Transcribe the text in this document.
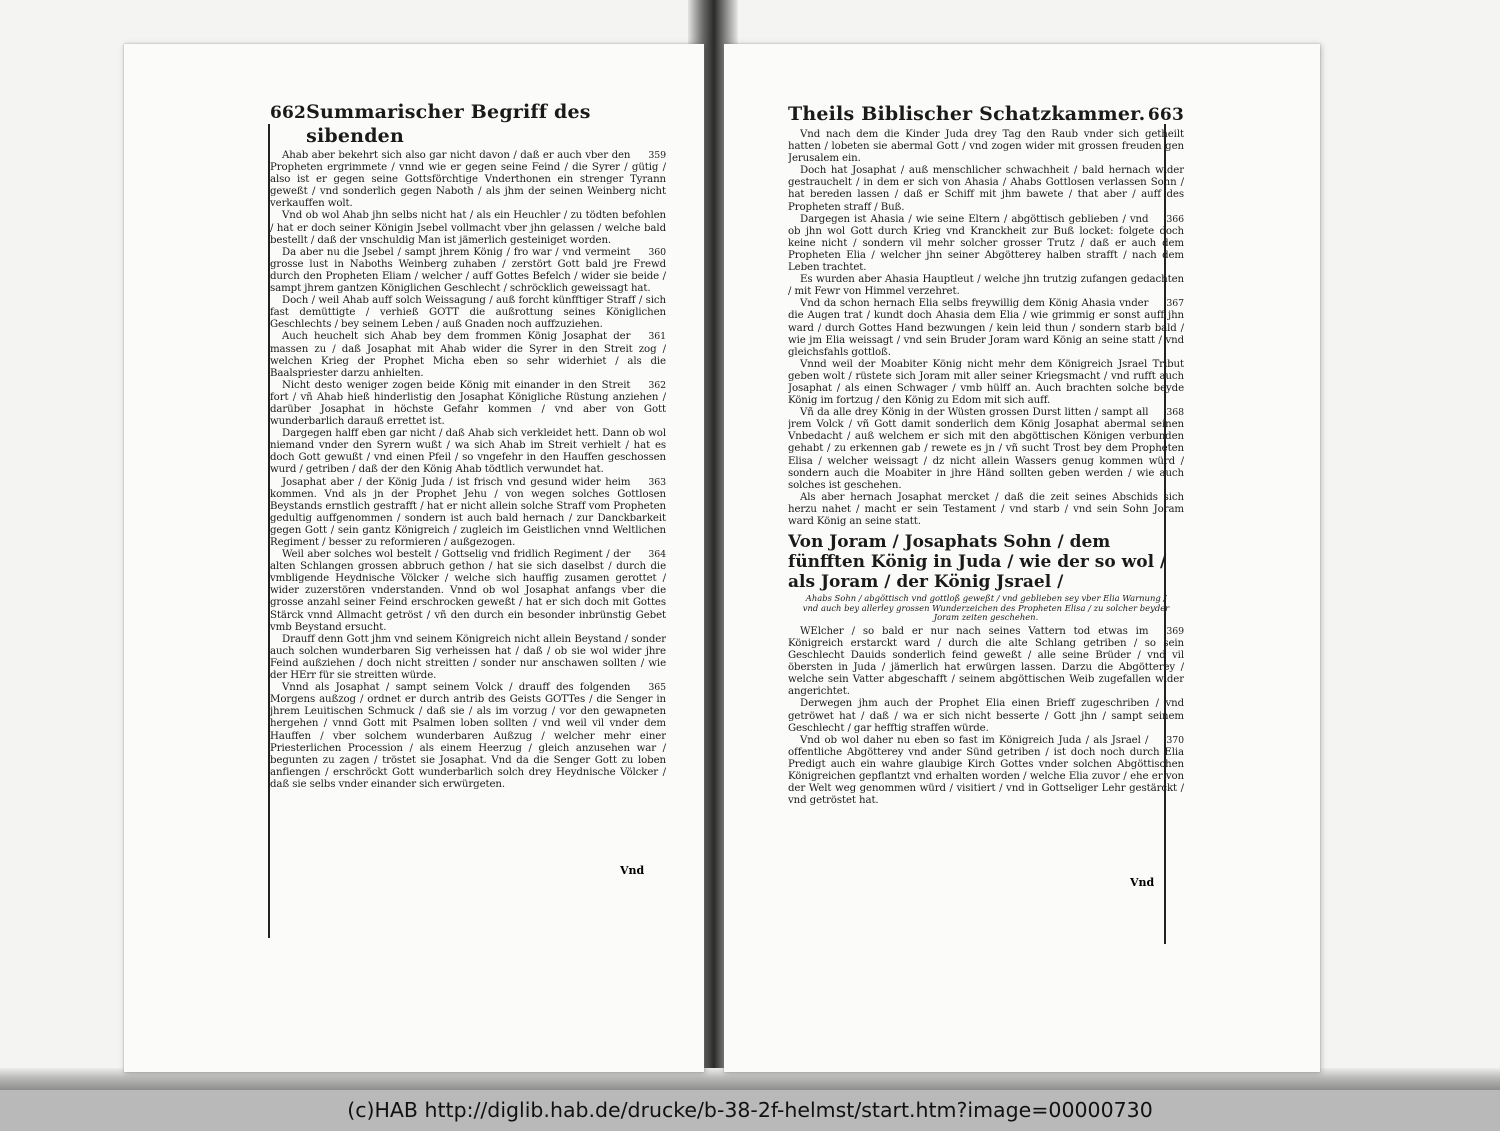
662 Summarischer Begriff des sibenden

359
Ahab aber bekehrt sich also gar nicht davon / daß er auch vber den Propheten ergrimmete / vnnd wie er gegen seine Feind / die Syrer / gütig / also ist er gegen seine Gottsförchtige Vnderthonen ein strenger Tyrann geweßt / vnd sonderlich gegen Naboth / als jhm der seinen Weinberg nicht verkauffen wolt.

Vnd ob wol Ahab jhn selbs nicht hat / als ein Heuchler / zu tödten befohlen / hat er doch seiner Königin Jsebel vollmacht vber jhn gelassen / welche bald bestellt / daß der vnschuldig Man ist jämerlich gesteiniget worden.

360
Da aber nu die Jsebel / sampt jhrem König / fro war / vnd vermeint grosse lust in Naboths Weinberg zuhaben / zerstört Gott bald jre Frewd durch den Propheten Eliam / welcher / auff Gottes Befelch / wider sie beide / sampt jhrem gantzen Königlichen Geschlecht / schröcklich geweissagt hat.

Doch / weil Ahab auff solch Weissagung / auß forcht künfftiger Straff / sich fast demüttigte / verhieß GOTT die außrottung seines Königlichen Geschlechts / bey seinem Leben / auß Gnaden noch auffzuziehen.

361
Auch heuchelt sich Ahab bey dem frommen König Josaphat der massen zu / daß Josaphat mit Ahab wider die Syrer in den Streit zog / welchen Krieg der Prophet Micha eben so sehr widerhiet / als die Baalspriester darzu anhielten.

362
Nicht desto weniger zogen beide König mit einander in den Streit fort / vñ Ahab hieß hinderlistig den Josaphat Königliche Rüstung anziehen / darüber Josaphat in höchste Gefahr kommen / vnd aber von Gott wunderbarlich darauß errettet ist.

Dargegen halff eben gar nicht / daß Ahab sich verkleidet hett. Dann ob wol niemand vnder den Syrern wußt / wa sich Ahab im Streit verhielt / hat es doch Gott gewußt / vnd einen Pfeil / so vngefehr in den Hauffen geschossen wurd / getriben / daß der den König Ahab tödtlich verwundet hat.

363
Josaphat aber / der König Juda / ist frisch vnd gesund wider heim kommen. Vnd als jn der Prophet Jehu / von wegen solches Gottlosen Beystands ernstlich gestrafft / hat er nicht allein solche Straff vom Propheten gedultig auffgenommen / sondern ist auch bald hernach / zur Danckbarkeit gegen Gott / sein gantz Königreich / zugleich im Geistlichen vnnd Weltlichen Regiment / besser zu reformieren / außgezogen.

364
Weil aber solches wol bestelt / Gottselig vnd fridlich Regiment / der alten Schlangen grossen abbruch gethon / hat sie sich daselbst / durch die vmbligende Heydnische Völcker / welche sich hauffig zusamen gerottet / wider zuzerstören vnderstanden. Vnnd ob wol Josaphat anfangs vber die grosse anzahl seiner Feind erschrocken geweßt / hat er sich doch mit Gottes Stärck vnnd Allmacht getröst / vñ den durch ein besonder inbrünstig Gebet vmb Beystand ersucht.

Drauff denn Gott jhm vnd seinem Königreich nicht allein Beystand / sonder auch solchen wunderbaren Sig verheissen hat / daß / ob sie wol wider jhre Feind außziehen / doch nicht streitten / sonder nur anschawen sollten / wie der HErr für sie streitten würde.

365
Vnnd als Josaphat / sampt seinem Volck / drauff des folgenden Morgens außzog / ordnet er durch antrib des Geists GOTTes / die Senger in jhrem Leuitischen Schmuck / daß sie / als im vorzug / vor den gewapneten hergehen / vnnd Gott mit Psalmen loben sollten / vnd weil vil vnder dem Hauffen / vber solchem wunderbaren Außzug / welcher mehr einer Priesterlichen Procession / als einem Heerzug / gleich anzusehen war / begunten zu zagen / tröstet sie Josaphat. Vnd da die Senger Gott zu loben anfiengen / erschröckt Gott wunderbarlich solch drey Heydnische Völcker / daß sie selbs vnder einander sich erwürgeten.

Vnd
Theils Biblischer Schatzkammer. 663

Vnd nach dem die Kinder Juda drey Tag den Raub vnder sich getheilt hatten / lobeten sie abermal Gott / vnd zogen wider mit grossen freuden gen Jerusalem ein.

Doch hat Josaphat / auß menschlicher schwachheit / bald hernach wider gestrauchelt / in dem er sich von Ahasia / Ahabs Gottlosen verlassen Sohn / hat bereden lassen / daß er Schiff mit jhm bawete / that aber / auff des Propheten straff / Buß.

366
Dargegen ist Ahasia / wie seine Eltern / abgöttisch geblieben / vnd ob jhn wol Gott durch Krieg vnd Kranckheit zur Buß locket: folgete doch keine nicht / sondern vil mehr solcher grosser Trutz / daß er auch dem Propheten Elia / welcher jhn seiner Abgötterey halben strafft / nach dem Leben trachtet.

Es wurden aber Ahasia Hauptleut / welche jhn trutzig zufangen gedachten / mit Fewr von Himmel verzehret.

367
Vnd da schon hernach Elia selbs freywillig dem König Ahasia vnder die Augen trat / kundt doch Ahasia dem Elia / wie grimmig er sonst auff jhn ward / durch Gottes Hand bezwungen / kein leid thun / sondern starb bald / wie jm Elia weissagt / vnd sein Bruder Joram ward König an seine statt / vnd gleichsfahls gottloß.

Vnnd weil der Moabiter König nicht mehr dem Königreich Jsrael Tribut geben wolt / rüstete sich Joram mit aller seiner Kriegsmacht / vnd rufft auch Josaphat / als einen Schwager / vmb hülff an. Auch brachten solche beyde König im fortzug / den König zu Edom mit sich auff.

368
Vñ da alle drey König in der Wüsten grossen Durst litten / sampt all jrem Volck / vñ Gott damit sonderlich dem König Josaphat abermal seinen Vnbedacht / auß welchem er sich mit den abgöttischen Königen verbunden gehabt / zu erkennen gab / rewete es jn / vñ sucht Trost bey dem Propheten Elisa / welcher weissagt / dz nicht allein Wassers genug kommen würd / sondern auch die Moabiter in jhre Händ sollten geben werden / wie auch solches ist geschehen.

Als aber hernach Josaphat mercket / daß die zeit seines Abschids sich herzu nahet / macht er sein Testament / vnd starb / vnd sein Sohn Joram ward König an seine statt.

Von Joram / Josaphats Sohn / dem fünfften König in Juda / wie der so wol / als Joram / der König Jsrael /
Ahabs Sohn / abgöttisch vnd gottloß geweßt / vnd geblieben sey vber Elia Warnung / vnd auch bey allerley grossen Wunderzeichen des Propheten Elisa / zu solcher beyder Joram zeiten geschehen.

369
WElcher / so bald er nur nach seines Vattern tod etwas im Königreich erstarckt ward / durch die alte Schlang getriben / so sein Geschlecht Dauids sonderlich feind geweßt / alle seine Brüder / vnd vil öbersten in Juda / jämerlich hat erwürgen lassen. Darzu die Abgötterey / welche sein Vatter abgeschafft / seinem abgöttischen Weib zugefallen wider angerichtet.

Derwegen jhm auch der Prophet Elia einen Brieff zugeschriben / vnd getröwet hat / daß / wa er sich nicht besserte / Gott jhn / sampt seinem Geschlecht / gar hefftig straffen würde.

370
Vnd ob wol daher nu eben so fast im Königreich Juda / als Jsrael / offentliche Abgötterey vnd ander Sünd getriben / ist doch noch durch Elia Predigt auch ein wahre glaubige Kirch Gottes vnder solchen Abgöttischen Königreichen gepflantzt vnd erhalten worden / welche Elia zuvor / ehe er von der Welt weg genommen würd / visitiert / vnd in Gottseliger Lehr gestärckt / vnd getröstet hat.

Vnd
(c)HAB http://diglib.hab.de/drucke/b-38-2f-helmst/start.htm?image=00000730
